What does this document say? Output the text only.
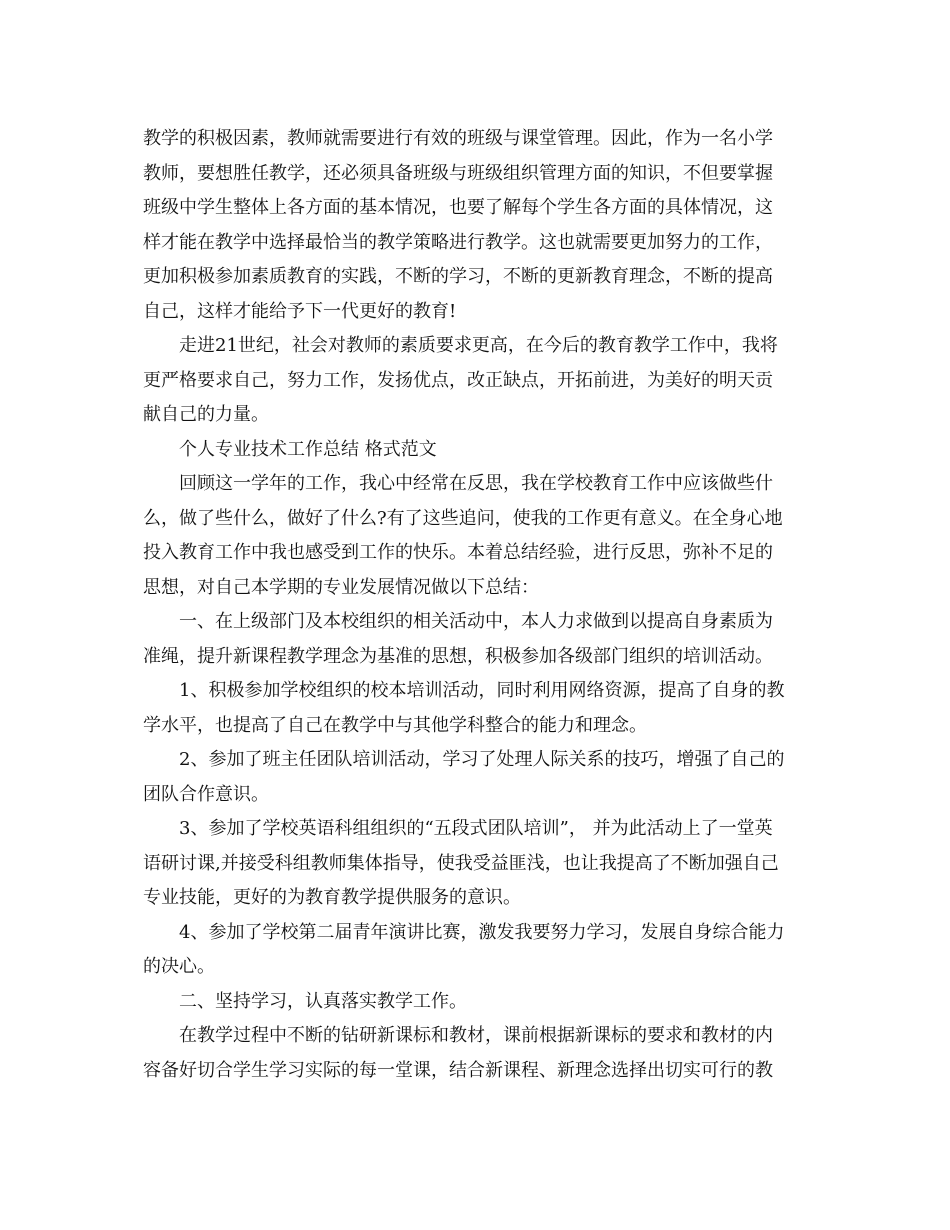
教学的积极因素，教师就需要进行有效的班级与课堂管理。因此，作为一名小学
教师，要想胜任教学，还必须具备班级与班级组织管理方面的知识，不但要掌握
班级中学生整体上各方面的基本情况，也要了解每个学生各方面的具体情况，这
样才能在教学中选择最恰当的教学策略进行教学。这也就需要更加努力的工作，
更加积极参加素质教育的实践，不断的学习，不断的更新教育理念，不断的提高
自己，这样才能给予下一代更好的教育!
走进21世纪，社会对教师的素质要求更高，在今后的教育教学工作中，我将
更严格要求自己，努力工作，发扬优点，改正缺点，开拓前进，为美好的明天贡
献自己的力量。
个人专业技术工作总结 格式范文
回顾这一学年的工作，我心中经常在反思，我在学校教育工作中应该做些什
么，做了些什么，做好了什么?有了这些追问，使我的工作更有意义。在全身心地
投入教育工作中我也感受到工作的快乐。本着总结经验，进行反思，弥补不足的
思想，对自己本学期的专业发展情况做以下总结：
一、在上级部门及本校组织的相关活动中，本人力求做到以提高自身素质为
准绳，提升新课程教学理念为基准的思想，积极参加各级部门组织的培训活动。
1、积极参加学校组织的校本培训活动，同时利用网络资源，提高了自身的教
学水平，也提高了自己在教学中与其他学科整合的能力和理念。
2、参加了班主任团队培训活动，学习了处理人际关系的技巧，增强了自己的
团队合作意识。
3、参加了学校英语科组组织的“五段式团队培训”， 并为此活动上了一堂英
语研讨课,并接受科组教师集体指导，使我受益匪浅，也让我提高了不断加强自己
专业技能，更好的为教育教学提供服务的意识。
4、参加了学校第二届青年演讲比赛，激发我要努力学习，发展自身综合能力
的决心。
二、坚持学习，认真落实教学工作。
在教学过程中不断的钻研新课标和教材，课前根据新课标的要求和教材的内
容备好切合学生学习实际的每一堂课，结合新课程、新理念选择出切实可行的教
